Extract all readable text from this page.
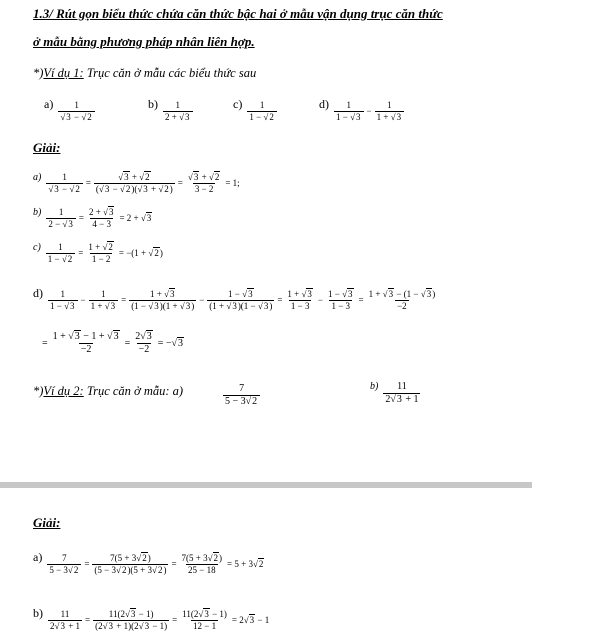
1.3/ Rút gọn biểu thức chứa căn thức bậc hai ở mẫu vận dụng trục căn thức
ở mẫu bằng phương pháp nhân liên hợp.
*)Ví dụ 1: Trục căn ở mẫu các biểu thức sau
$a) \frac{1}{√3 - √2}$	$b) \frac{1}{2 + √3}$	$c) \frac{1}{1 - √2}$	$d) \frac{1}{1 - √3} - \frac{1}{1 + √3}$
Giải:
$a) \frac{1}{√3 - √2} = \frac{√3 + √2}{(√3 - √2)(√3 + √2)} = \frac{√3 + √2}{3 - 2} = 1$;
$b) \frac{1}{2 - √3} = \frac{2 + √3}{4 - 3} = 2 + √3$
$c) \frac{1}{1 - √2} = \frac{1 + √2}{1 - 2} = -(1 + √2)$
$d) \frac{1}{1 - √3} - \frac{1}{1 + √3} = \frac{1 + √3}{(1 - √3)(1 + √3)} - \frac{1 - √3}{(1 + √3)(1 - √3)} = \frac{1 + √3}{1 - 3} - \frac{1 - √3}{1 - 3} = \frac{1 + √3 - (1 - √3)}{-2}$
= $\frac{1 + √3 - 1 + √3}{-2} = \frac{2√3}{-2} = -√3$
*)Ví dụ 2: Trục căn ở mẫu: a)	$\frac{7}{5 - 3√2}$	$b) \frac{11}{2√3 + 1}$
Giải:
$a) \frac{7}{5 - 3√2} = \frac{7(5 + 3√2)}{(5 - 3√2)(5 + 3√2)} = \frac{7(5 + 3√2)}{25 - 18} = 5 + 3√2$
$b) \frac{11}{2√3 + 1} = \frac{11(2√3 - 1)}{(2√3 + 1)(2√3 - 1)} = \frac{11(2√3 - 1)}{12 - 1} = 2√3 - 1$
